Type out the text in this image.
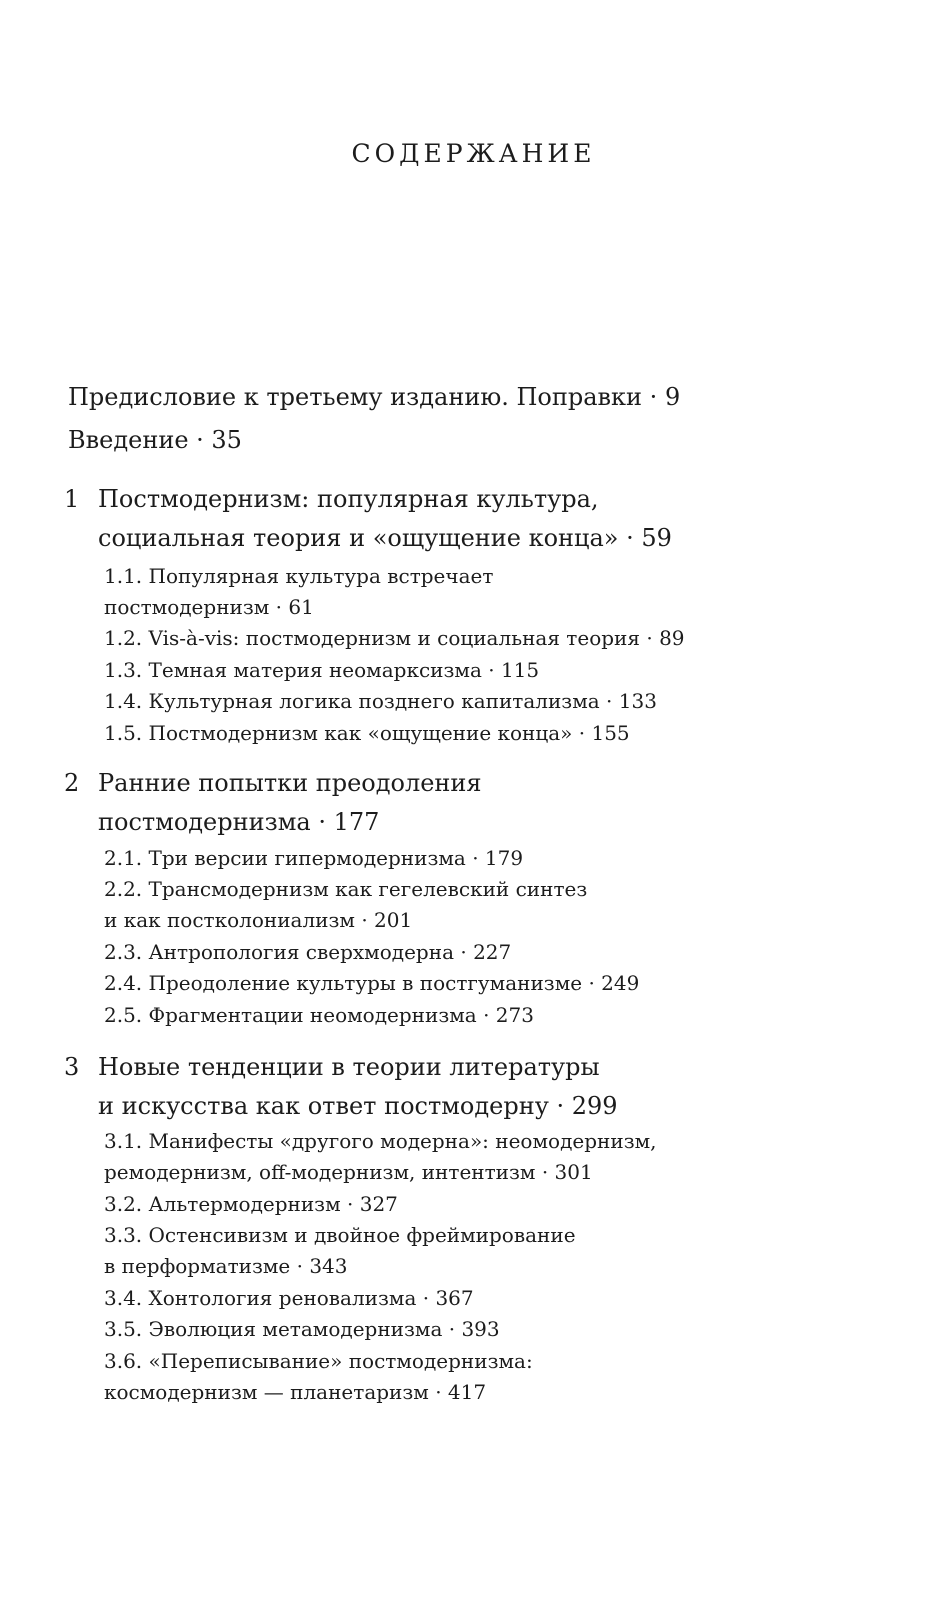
СОДЕРЖАНИЕ
Предисловие к третьему изданию. Поправки · 9
Введение · 35
1 Постмодернизм: популярная культура,
социальная теория и «ощущение конца» · 59
1.1. Популярная культура встречает
постмодернизм · 61
1.2. Vis-à-vis: постмодернизм и социальная теория · 89
1.3. Темная материя неомарксизма · 115
1.4. Культурная логика позднего капитализма · 133
1.5. Постмодернизм как «ощущение конца» · 155
2 Ранние попытки преодоления
постмодернизма · 177
2.1. Три версии гипермодернизма · 179
2.2. Трансмодернизм как гегелевский синтез
и как постколониализм · 201
2.3. Антропология сверхмодерна · 227
2.4. Преодоление культуры в постгуманизме · 249
2.5. Фрагментации неомодернизма · 273
3 Новые тенденции в теории литературы
и искусства как ответ постмодерну · 299
3.1. Манифесты «другого модерна»: неомодернизм,
ремодернизм, off-модернизм, интентизм · 301
3.2. Альтермодернизм · 327
3.3. Остенсивизм и двойное фреймирование
в перформатизме · 343
3.4. Хонтология реновализма · 367
3.5. Эволюция метамодернизма · 393
3.6. «Переписывание» постмодернизма:
космодернизм — планетаризм · 417
